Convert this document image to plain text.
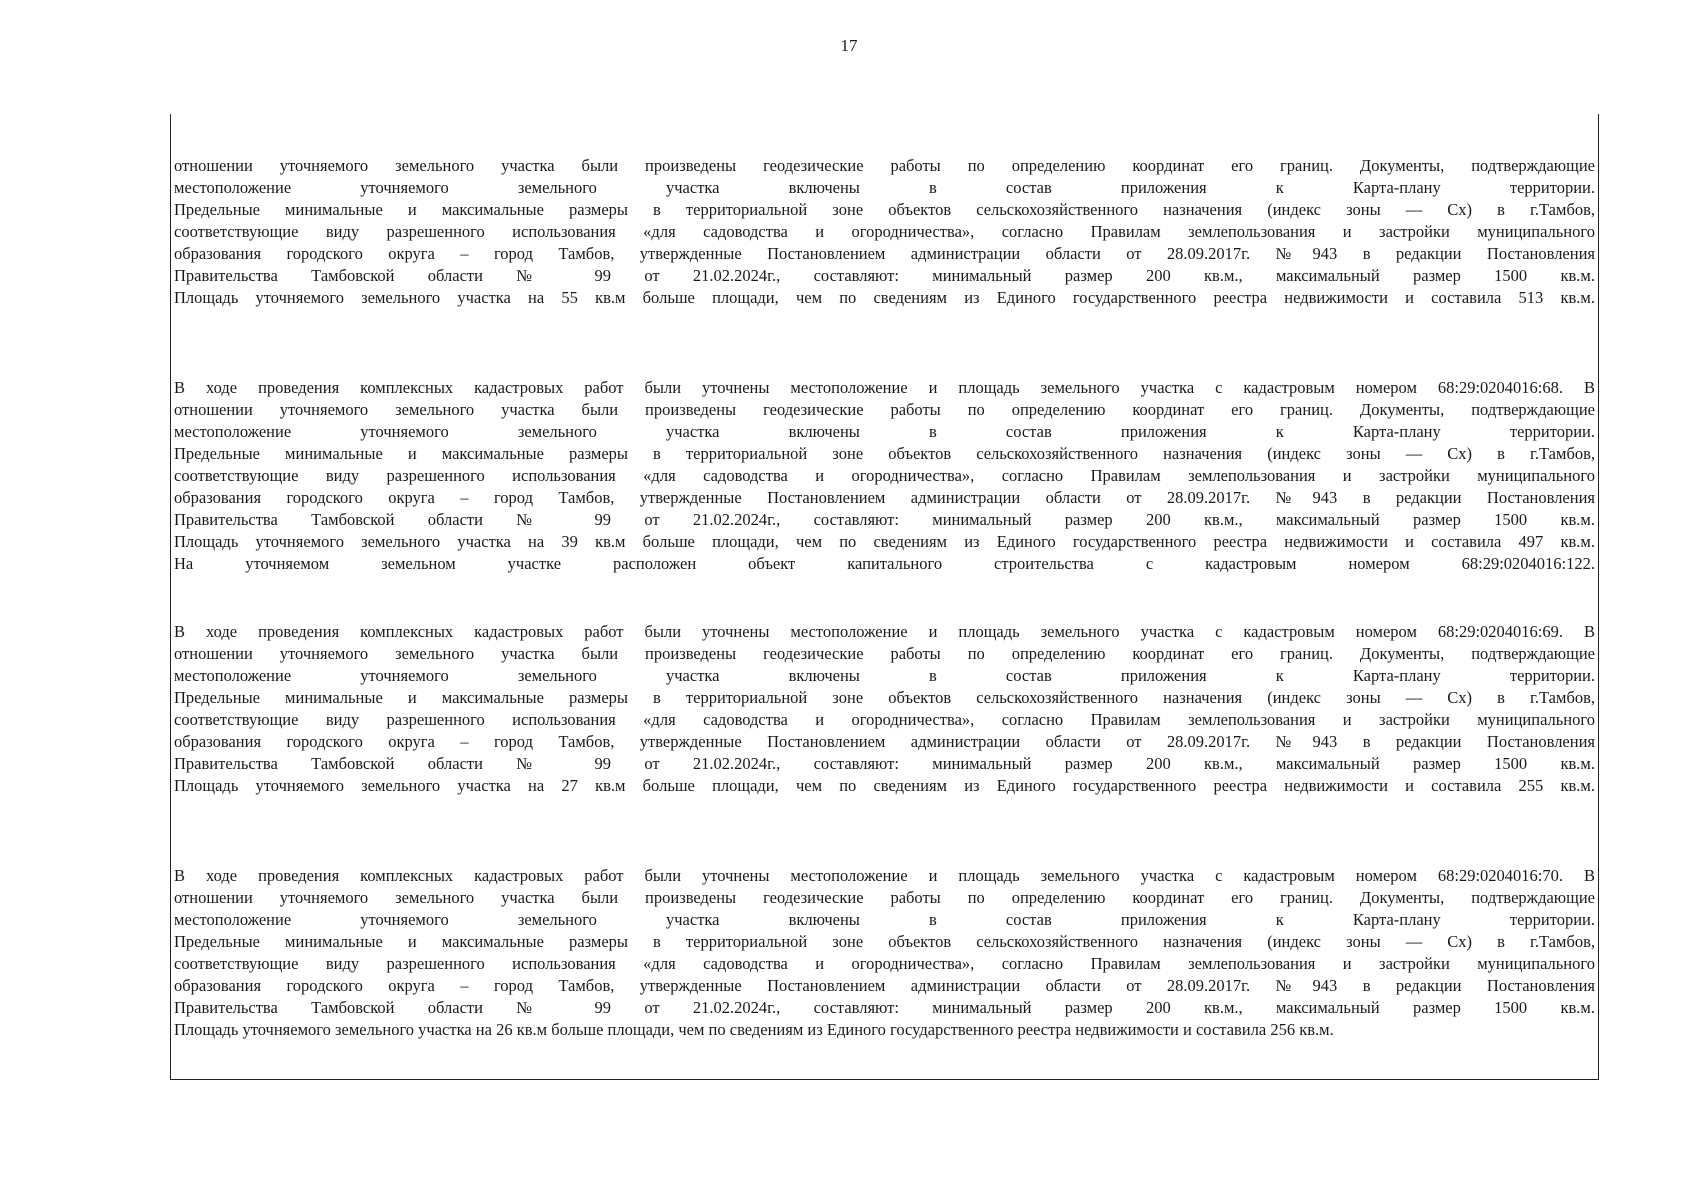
17
отношении уточняемого земельного участка были произведены геодезические работы по определению координат его границ. Документы, подтверждающие
местоположение уточняемого земельного участка включены в состав приложения к Карта-плану территории.
Предельные минимальные и максимальные размеры в территориальной зоне объектов сельскохозяйственного назначения (индекс зоны — Сх) в г.Тамбов,
соответствующие виду разрешенного использования «для садоводства и огородничества», согласно Правилам землепользования и застройки муниципального
образования городского округа – город Тамбов, утвержденные Постановлением администрации области от 28.09.2017г. №943 в редакции Постановления
Правительства Тамбовской области № 99 от 21.02.2024г., составляют: минимальный размер 200 кв.м., максимальный размер 1500 кв.м.
Площадь уточняемого земельного участка на 55 кв.м больше площади, чем по сведениям из Единого государственного реестра недвижимости и составила 513 кв.м.
В ходе проведения комплексных кадастровых работ были уточнены местоположение и площадь земельного участка с кадастровым номером 68:29:0204016:68. В
отношении уточняемого земельного участка были произведены геодезические работы по определению координат его границ. Документы, подтверждающие
местоположение уточняемого земельного участка включены в состав приложения к Карта-плану территории.
Предельные минимальные и максимальные размеры в территориальной зоне объектов сельскохозяйственного назначения (индекс зоны — Сх) в г.Тамбов,
соответствующие виду разрешенного использования «для садоводства и огородничества», согласно Правилам землепользования и застройки муниципального
образования городского округа – город Тамбов, утвержденные Постановлением администрации области от 28.09.2017г. №943 в редакции Постановления
Правительства Тамбовской области № 99 от 21.02.2024г., составляют: минимальный размер 200 кв.м., максимальный размер 1500 кв.м.
Площадь уточняемого земельного участка на 39 кв.м больше площади, чем по сведениям из Единого государственного реестра недвижимости и составила 497 кв.м.
На уточняемом земельном участке расположен объект капитального строительства с кадастровым номером 68:29:0204016:122.
В ходе проведения комплексных кадастровых работ были уточнены местоположение и площадь земельного участка с кадастровым номером 68:29:0204016:69. В
отношении уточняемого земельного участка были произведены геодезические работы по определению координат его границ. Документы, подтверждающие
местоположение уточняемого земельного участка включены в состав приложения к Карта-плану территории.
Предельные минимальные и максимальные размеры в территориальной зоне объектов сельскохозяйственного назначения (индекс зоны — Сх) в г.Тамбов,
соответствующие виду разрешенного использования «для садоводства и огородничества», согласно Правилам землепользования и застройки муниципального
образования городского округа – город Тамбов, утвержденные Постановлением администрации области от 28.09.2017г. №943 в редакции Постановления
Правительства Тамбовской области № 99 от 21.02.2024г., составляют: минимальный размер 200 кв.м., максимальный размер 1500 кв.м.
Площадь уточняемого земельного участка на 27 кв.м больше площади, чем по сведениям из Единого государственного реестра недвижимости и составила 255 кв.м.
В ходе проведения комплексных кадастровых работ были уточнены местоположение и площадь земельного участка с кадастровым номером 68:29:0204016:70. В
отношении уточняемого земельного участка были произведены геодезические работы по определению координат его границ. Документы, подтверждающие
местоположение уточняемого земельного участка включены в состав приложения к Карта-плану территории.
Предельные минимальные и максимальные размеры в территориальной зоне объектов сельскохозяйственного назначения (индекс зоны — Сх) в г.Тамбов,
соответствующие виду разрешенного использования «для садоводства и огородничества», согласно Правилам землепользования и застройки муниципального
образования городского округа – город Тамбов, утвержденные Постановлением администрации области от 28.09.2017г. №943 в редакции Постановления
Правительства Тамбовской области № 99 от 21.02.2024г., составляют: минимальный размер 200 кв.м., максимальный размер 1500 кв.м.
Площадь уточняемого земельного участка на 26 кв.м больше площади, чем по сведениям из Единого государственного реестра недвижимости и составила 256 кв.м.
